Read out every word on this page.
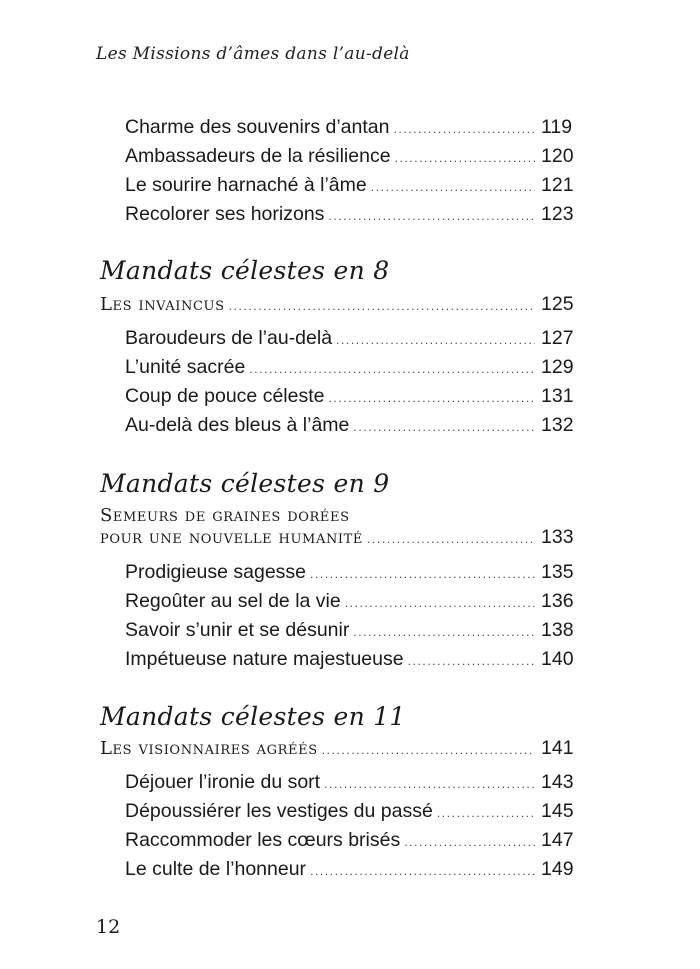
Les Missions d’âmes dans l’au-delà
Charme des souvenirs d’antan .....	119
Ambassadeurs de la résilience .....	120
Le sourire harnaché à l’âme .....	121
Recolorer ses horizons .....	123
Mandats célestes en 8
Les invaincus .....	125
Baroudeurs de l’au-delà .....	127
L’unité sacrée .....	129
Coup de pouce céleste .....	131
Au-delà des bleus à l’âme .....	132
Mandats célestes en 9
Semeurs de graines dorées
pour une nouvelle humanité .....	133
Prodigieuse sagesse .....	135
Regoûter au sel de la vie .....	136
Savoir s’unir et se désunir .....	138
Impétueuse nature majestueuse .....	140
Mandats célestes en 11
Les visionnaires agréés .....	141
Déjouer l’ironie du sort .....	143
Dépoussiérer les vestiges du passé .....	145
Raccommoder les cœurs brisés .....	147
Le culte de l’honneur .....	149
12
